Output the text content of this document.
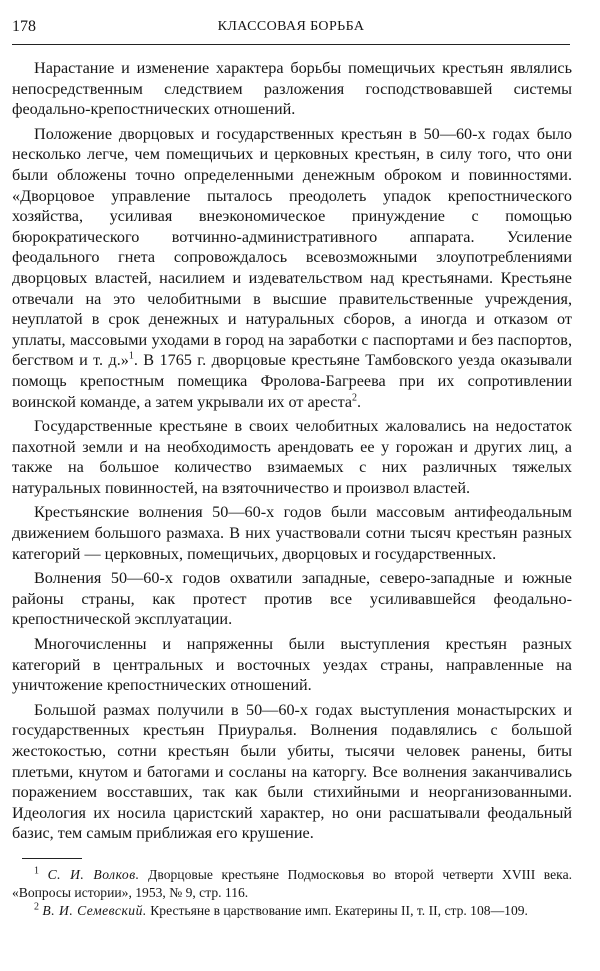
178	КЛАССОВАЯ БОРЬБА

Нарастание и изменение характера борьбы помещичьих крестьян являлись непосредственным следствием разложения господствовавшей системы феодально-крепостнических отношений.

Положение дворцовых и государственных крестьян в 50—60-х годах было несколько легче, чем помещичьих и церковных крестьян, в силу того, что они были обложены точно определенными денежным оброком и повинностями. «Дворцовое управление пыталось преодолеть упадок крепостнического хозяйства, усиливая внеэкономическое принуждение с помощью бюрократического вотчинно-административного аппарата. Усиление феодального гнета сопровождалось всевозможными злоупотреблениями дворцовых властей, насилием и издевательством над крестьянами. Крестьяне отвечали на это челобитными в высшие правительственные учреждения, неуплатой в срок денежных и натуральных сборов, а иногда и отказом от уплаты, массовыми уходами в город на заработки с паспортами и без паспортов, бегством и т. д.»$^1$. В 1765 г. дворцовые крестьяне Тамбовского уезда оказывали помощь крепостным помещика Фролова-Багреева при их сопротивлении воинской команде, а затем укрывали их от ареста$^2$.

Государственные крестьяне в своих челобитных жаловались на недостаток пахотной земли и на необходимость арендовать ее у горожан и других лиц, а также на большое количество взимаемых с них различных тяжелых натуральных повинностей, на взяточничество и произвол властей.

Крестьянские волнения 50—60-х годов были массовым антифеодальным движением большого размаха. В них участвовали сотни тысяч крестьян разных категорий — церковных, помещичьих, дворцовых и государственных.

Волнения 50—60-х годов охватили западные, северо-западные и южные районы страны, как протест против все усиливавшейся феодально-крепостнической эксплуатации.

Многочисленны и напряженны были выступления крестьян разных категорий в центральных и восточных уездах страны, направленные на уничтожение крепостнических отношений.

Большой размах получили в 50—60-х годах выступления монастырских и государственных крестьян Приуралья. Волнения подавлялись с большой жестокостью, сотни крестьян были убиты, тысячи человек ранены, биты плетьми, кнутом и батогами и сосланы на каторгу. Все волнения заканчивались поражением восставших, так как были стихийными и неорганизованными. Идеология их носила царистский характер, но они расшатывали феодальный базис, тем самым приближая его крушение.

$^1$ С. И. Волков. Дворцовые крестьяне Подмосковья во второй четверти XVIII века. «Вопросы истории», 1953, № 9, стр. 116.

$^2$ В. И. Семевский. Крестьяне в царствование имп. Екатерины II, т. II, стр. 108—109.
